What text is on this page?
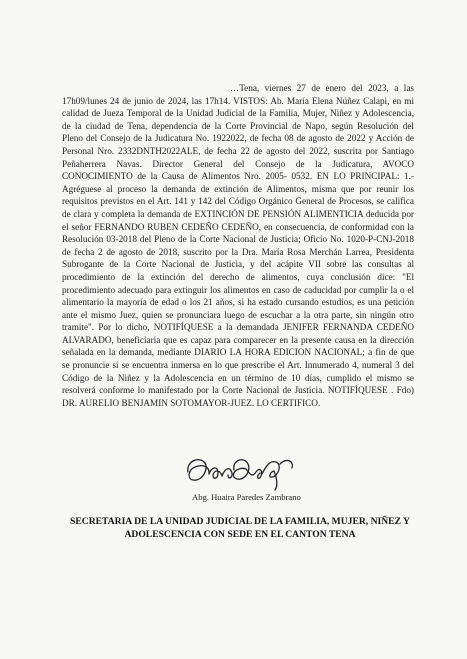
…Tena, viernes 27 de enero del 2023, a las
17h09/lunes 24 de junio de 2024, las 17h14. VISTOS: Ab. María Elena Núñez Calapi, en mi
calidad de Jueza Temporal de la Unidad Judicial de la Familia, Mujer, Niñez y Adolescencia,
de la ciudad de Tena, dependencia de la Corte Provincial de Napo, según Resolución del
Pleno del Consejo de la Judicatura No. 1922022, de fecha 08 de agosto de 2022 y Acción de
Personal Nro. 2332DNTH2022ALE, de fecha 22 de agosto del 2022, suscrita por Santiago
Peñaherrera Navas. Director General del Consejo de la Judicatura, AVOCO
CONOCIMIENTO de la Causa de Alimentos Nro. 2005- 0532. EN LO PRINCIPAL: 1.-
Agréguese al proceso la demanda de extinción de Alimentos, misma que por reunir los
requisitos previstos en el Art. 141 y 142 del Código Orgánico General de Procesos, se califica
de clara y completa la demanda de EXTINCIÓN DE PENSIÓN ALIMENTICIA deducida por
el señor FERNANDO RUBEN CEDEÑO CEDEÑO, en consecuencia, de conformidad con la
Resolución 03-2018 del Pleno de la Corte Nacional de Justicia; Oficio No. 1020-P-CNJ-2018
de fecha 2 de agosto de 2018, suscrito por la Dra. María Rosa Merchán Larrea, Presidenta
Subrogante de la Corte Nacional de Justicia, y del acápite VII sobre las consultas al
procedimiento de la extinción del derecho de alimentos, cuya conclusión dice: "El
procedimiento adecuado para extinguir los alimentos en caso de caducidad por cumplir la o el
alimentario la mayoría de edad o los 21 años, si ha estado cursando estudios, es una petición
ante el mismo Juez, quien se pronunciara luego de escuchar a la otra parte, sin ningún otro
tramite". Por lo dicho, NOTIFÍQUESE a la demandada JENIFER FERNANDA CEDEÑO
ALVARADO, beneficiaria que es capaz para comparecer en la presente causa en la dirección
señalada en la demanda, mediante DIARIO LA HORA EDICION NACIONAL; a fin de que
se pronuncie si se encuentra inmersa en lo que prescribe el Art. Innumerado 4, numeral 3 del
Código de la Niñez y la Adolescencia en un término de 10 días, cumplido el mismo se
resolverá conforme lo manifestado por la Corte Nacional de Justicia. NOTIFÍQUESE . Fdo)
DR. AURELIO BENJAMIN SOTOMAYOR-JUEZ. LO CERTIFICO.
Abg. Huaira Paredes Zambrano
SECRETARIA DE LA UNIDAD JUDICIAL DE LA FAMILIA, MUJER, NIÑEZ Y
ADOLESCENCIA CON SEDE EN EL CANTON TENA
